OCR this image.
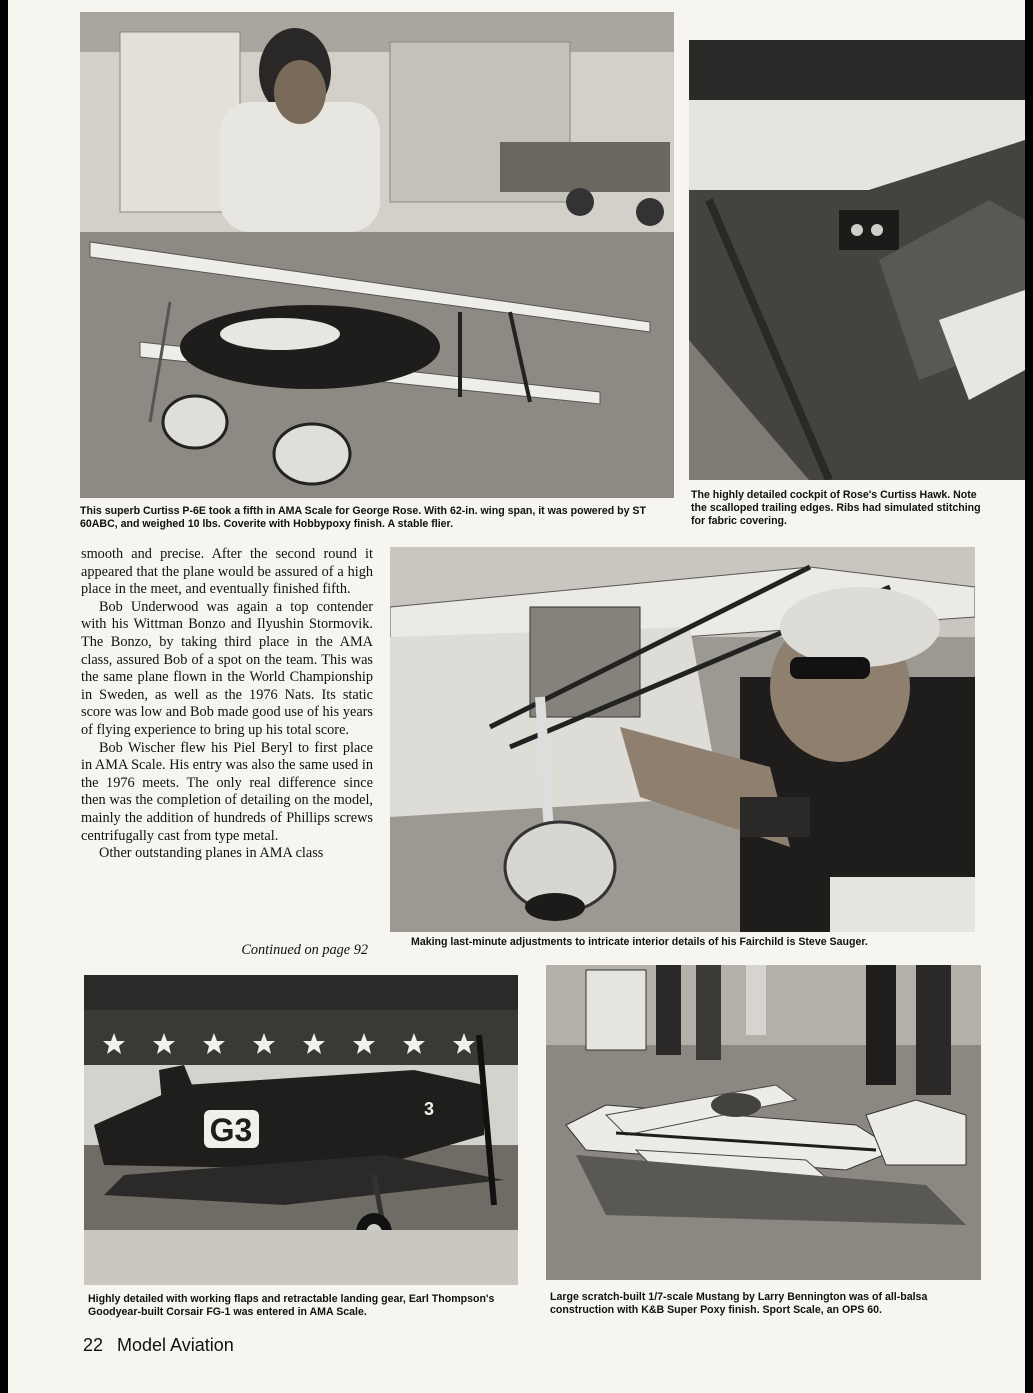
This superb Curtiss P-6E took a fifth in AMA Scale for George Rose. With 62-in. wing span, it was powered by ST 60ABC, and weighed 10 lbs. Coverite with Hobbypoxy finish. A stable flier.

The highly detailed cockpit of Rose's Curtiss Hawk. Note the scalloped trailing edges. Ribs had simulated stitching for fabric covering.

smooth and precise. After the second round it appeared that the plane would be assured of a high place in the meet, and eventually finished fifth.

Bob Underwood was again a top contender with his Wittman Bonzo and Ilyushin Stormovik. The Bonzo, by taking third place in the AMA class, assured Bob of a spot on the team. This was the same plane flown in the World Championship in Sweden, as well as the 1976 Nats. Its static score was low and Bob made good use of his years of flying experience to bring up his total score.

Bob Wischer flew his Piel Beryl to first place in AMA Scale. His entry was also the same used in the 1976 meets. The only real difference since then was the completion of detailing on the model, mainly the addition of hundreds of Phillips screws centrifugally cast from type metal.

Other outstanding planes in AMA class

Continued on page 92	Making last-minute adjustments to intricate interior details of his Fairchild is Steve Sauger.

G3
3

Highly detailed with working flaps and retractable landing gear, Earl Thompson's Goodyear-built Corsair FG-1 was entered in AMA Scale.

Large scratch-built 1/7-scale Mustang by Larry Bennington was of all-balsa construction with K&B Super Poxy finish. Sport Scale, an OPS 60.

22 Model Aviation
